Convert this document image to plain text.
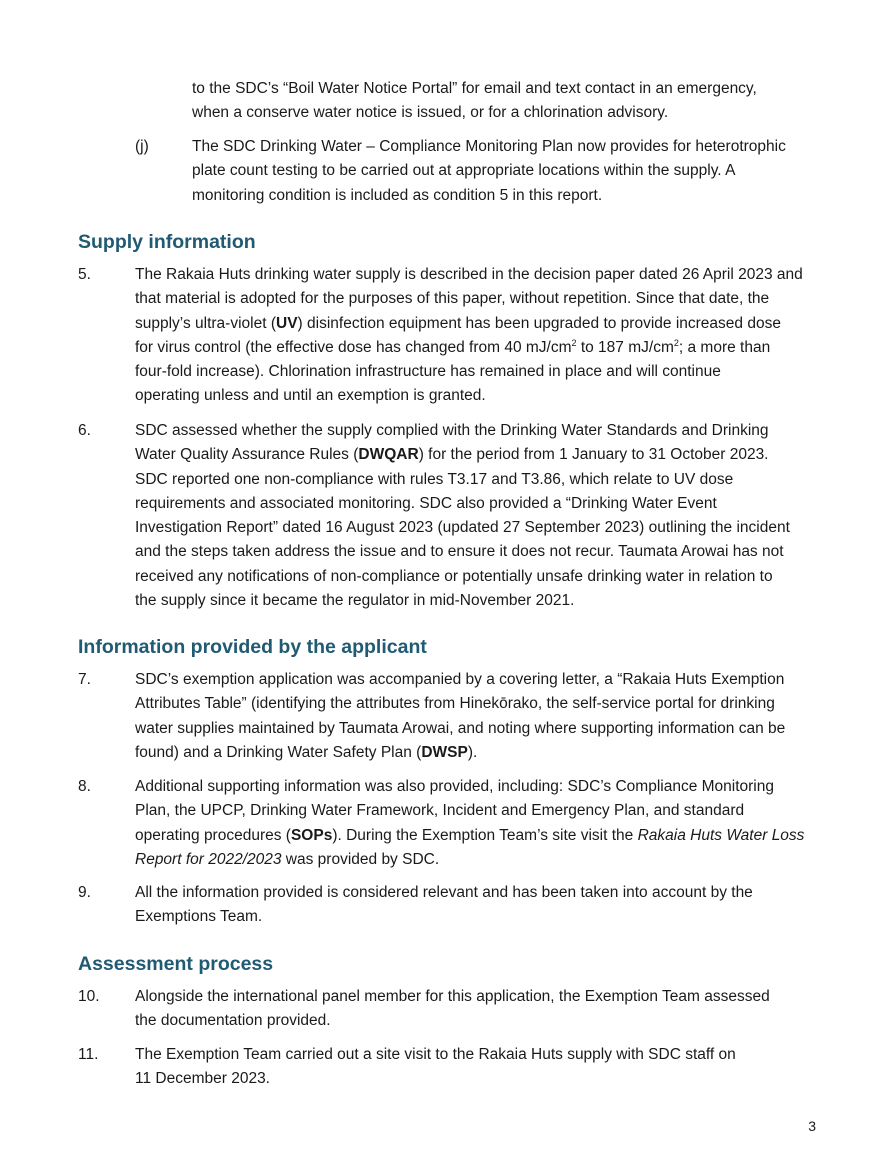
to the SDC’s “Boil Water Notice Portal” for email and text contact in an emergency,
when a conserve water notice is issued, or for a chlorination advisory.
(j)	The SDC Drinking Water – Compliance Monitoring Plan now provides for heterotrophic
plate count testing to be carried out at appropriate locations within the supply. A
monitoring condition is included as condition 5 in this report.
Supply information
5.	The Rakaia Huts drinking water supply is described in the decision paper dated 26 April 2023 and
that material is adopted for the purposes of this paper, without repetition. Since that date, the
supply’s ultra-violet (UV) disinfection equipment has been upgraded to provide increased dose
for virus control (the effective dose has changed from 40 $mJ/cm^2$ to 187 $mJ/cm^2$; a more than
four-fold increase). Chlorination infrastructure has remained in place and will continue
operating unless and until an exemption is granted.
6.	SDC assessed whether the supply complied with the Drinking Water Standards and Drinking
Water Quality Assurance Rules (DWQAR) for the period from 1 January to 31 October 2023.
SDC reported one non-compliance with rules T3.17 and T3.86, which relate to UV dose
requirements and associated monitoring. SDC also provided a “Drinking Water Event
Investigation Report” dated 16 August 2023 (updated 27 September 2023) outlining the incident
and the steps taken address the issue and to ensure it does not recur. Taumata Arowai has not
received any notifications of non-compliance or potentially unsafe drinking water in relation to
the supply since it became the regulator in mid-November 2021.
Information provided by the applicant
7.	SDC’s exemption application was accompanied by a covering letter, a “Rakaia Huts Exemption
Attributes Table” (identifying the attributes from Hinekōrako, the self-service portal for drinking
water supplies maintained by Taumata Arowai, and noting where supporting information can be
found) and a Drinking Water Safety Plan (DWSP).
8.	Additional supporting information was also provided, including: SDC’s Compliance Monitoring
Plan, the UPCP, Drinking Water Framework, Incident and Emergency Plan, and standard
operating procedures (SOPs). During the Exemption Team’s site visit the Rakaia Huts Water Loss
Report for 2022/2023 was provided by SDC.
9.	All the information provided is considered relevant and has been taken into account by the
Exemptions Team.
Assessment process
10.	Alongside the international panel member for this application, the Exemption Team assessed
the documentation provided.
11.	The Exemption Team carried out a site visit to the Rakaia Huts supply with SDC staff on
11 December 2023.
3
